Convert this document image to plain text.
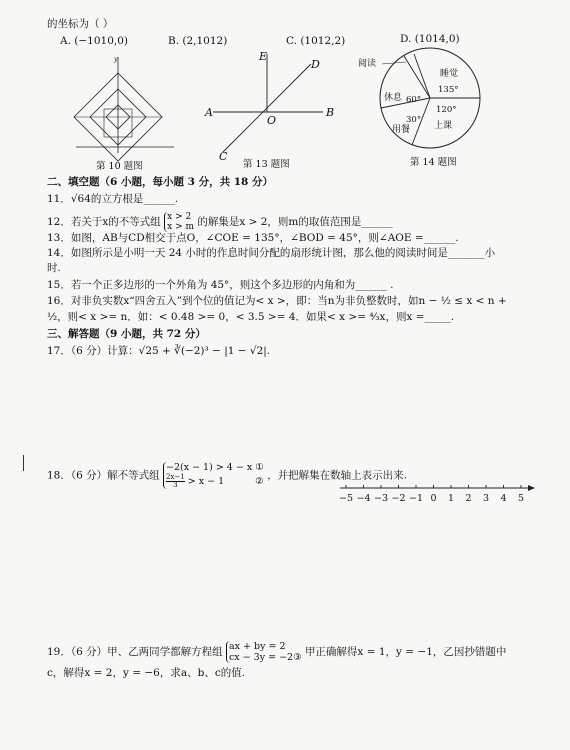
的坐标为（ ）
A. (−1010,0)	B. (2,1012)	C. (1012,2)	D. (1014,0)
y
第 10 题图
A	B
C
D
E
O
第 13 题图
阅读
睡觉
135°
休息 60°
120°
30°
用餐	上课
第 14 题图
二、填空题（6 小题，每小题 3 分，共 18 分）
11．√64的立方根是______.
12．若关于x的不等式组 x > 2
x > m 的解集是x > 2，则m的取值范围是______
13．如图，AB与CD相交于点O，∠COE = 135°，∠BOD = 45°，则∠AOE =______.
14．如图所示是小明一天 24 小时的作息时间分配的扇形统计图，那么他的阅读时间是_______小
时.
15．若一个正多边形的一个外角为 45°，则这个多边形的内角和为______ .
16．对非负实数x“四舍五入”到个位的值记为< x >，即：当n为非负整数时，如n − ½ ≤ x < n +
½，则< x >= n．如：< 0.48 >= 0，< 3.5 >= 4．如果< x >= ⁴⁄₃x，则x =_____.
三、解答题（9 小题，共 72 分）
17．（6 分）计算：√25 + ∛(−2)³ − |1 − √2|.
18．（6 分）解不等式组
−2(x − 1) > 4 − x ①
$\frac{2x-1}{3} > x - 1$	② ，并把解集在数轴上表示出来.
−5 −4 −3 −2 −1 0 1 2 3 4 5
19．（6 分）甲、乙两同学都解方程组 ax + by = 2
cx − 3y = −2③ 甲正确解得x = 1，y = −1，乙因抄错题中
c，解得x = 2，y = −6，求a、b、c的值.
